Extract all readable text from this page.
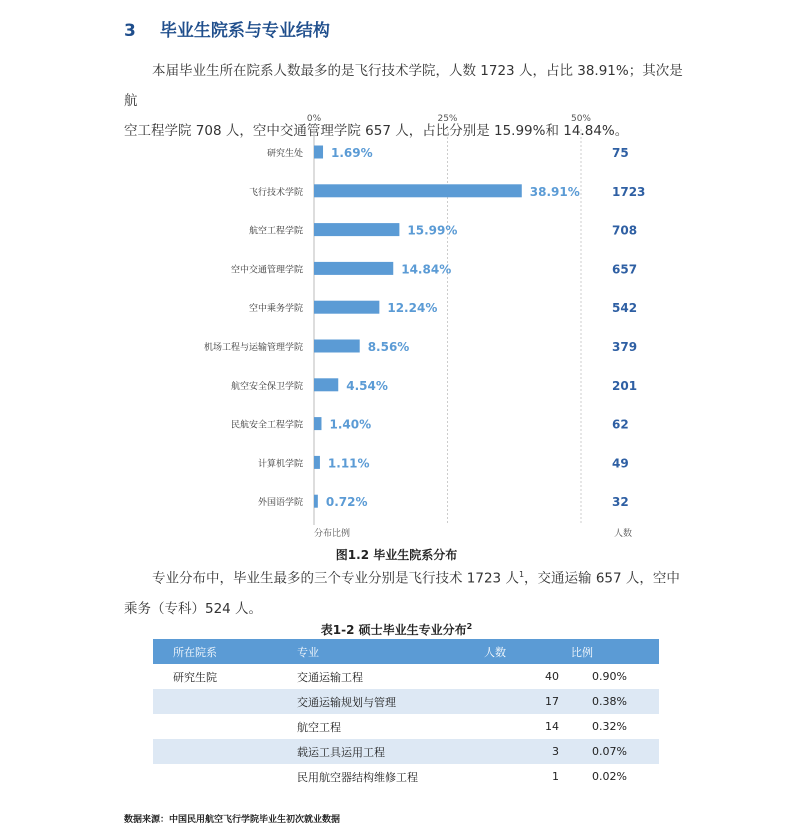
3 毕业生院系与专业结构
本届毕业生所在院系人数最多的是飞行技术学院，人数 1723 人，占比 38.91%；其次是航
空工程学院 708 人，空中交通管理学院 657 人，占比分别是 15.99%和 14.84%。
0%	25%	50%
研究生处 1.69%	75
飞行技术学院	38.91%	1723
航空工程学院	15.99%	708
空中交通管理学院	14.84%	657
空中乘务学院	12.24%	542
机场工程与运输管理学院	8.56%	379
航空安全保卫学院	4.54%	201
民航安全工程学院 1.40%	62
计算机学院 1.11%	49
外国语学院 0.72%	32
分布比例	人数
图1.2 毕业生院系分布
专业分布中，毕业生最多的三个专业分别是飞行技术 1723 人$^1$，交通运输 657 人，空中
乘务（专科）524 人。
表1-2 硕士毕业生专业分布$^2$
所在院系	专业	人数	比例
研究生院	交通运输工程	40	0.90%
	交通运输规划与管理	17	0.38%
	航空工程	14	0.32%
	载运工具运用工程	3	0.07%
	民用航空器结构维修工程	1	0.02%
数据来源：中国民用航空飞行学院毕业生初次就业数据
